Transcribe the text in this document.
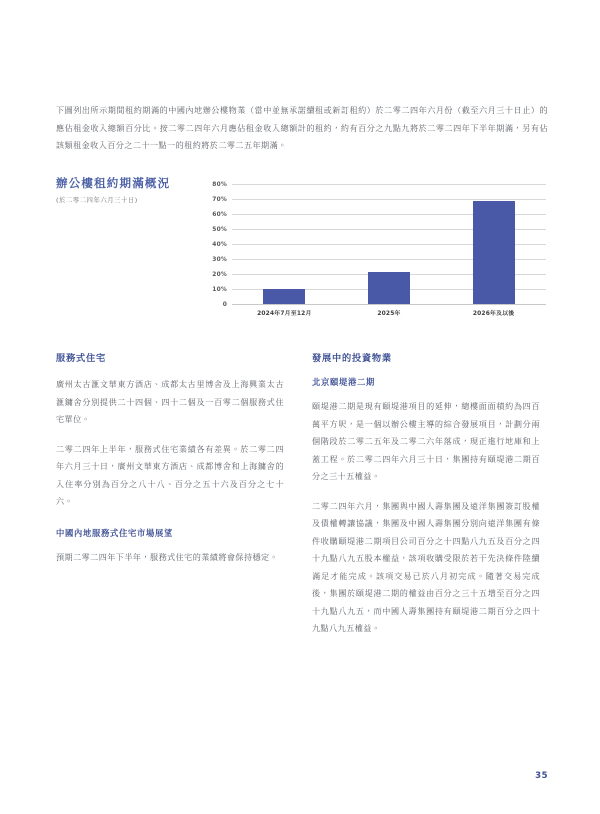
下圖列出所示期間租約期滿的中國內地辦公樓物業（當中並無承諾續租或新訂租約）於二零二四年六月份（截至六月三十日止）的應佔租金收入總額百分比。按二零二四年六月應佔租金收入總額計的租約，約有百分之九點九將於二零二四年下半年期滿，另有佔該類租金收入百分之二十一點一的租約將於二零二五年期滿。

辦公樓租約期滿概況
(於二零二四年六月三十日)
80%
70%
60%
50%
40%
30%
20%
10%
0
2024年7月至12月	2025年	2026年及以後
服務式住宅

廣州太古滙文華東方酒店、成都太古里博舍及上海興業太古滙鏞舍分別提供二十四個、四十二個及一百零二個服務式住宅單位。

二零二四年上半年，服務式住宅業績各有差異。於二零二四年六月三十日，廣州文華東方酒店、成都博舍和上海鏞舍的入住率分別為百分之八十八、百分之五十六及百分之七十六。

中國內地服務式住宅市場展望

預期二零二四年下半年，服務式住宅的業績將會保持穩定。

發展中的投資物業
北京頤堤港二期

頤堤港二期是現有頤堤港項目的延伸，總樓面面積約為四百萬平方呎，是一個以辦公樓主導的綜合發展項目，計劃分兩個階段於二零二五年及二零二六年落成，現正進行地庫和上蓋工程。於二零二四年六月三十日，集團持有頤堤港二期百分之三十五權益。

二零二四年六月，集團與中國人壽集團及遠洋集團簽訂股權及債權轉讓協議，集團及中國人壽集團分別向遠洋集團有條件收購頤堤港二期項目公司百分之十四點八九五及百分之四十九點八九五股本權益，該項收購受限於若干先決條件陸續滿足才能完成。該項交易已於八月初完成。隨著交易完成後，集團於頤堤港二期的權益由百分之三十五增至百分之四十九點八九五，而中國人壽集團持有頤堤港二期百分之四十九點八九五權益。

35
